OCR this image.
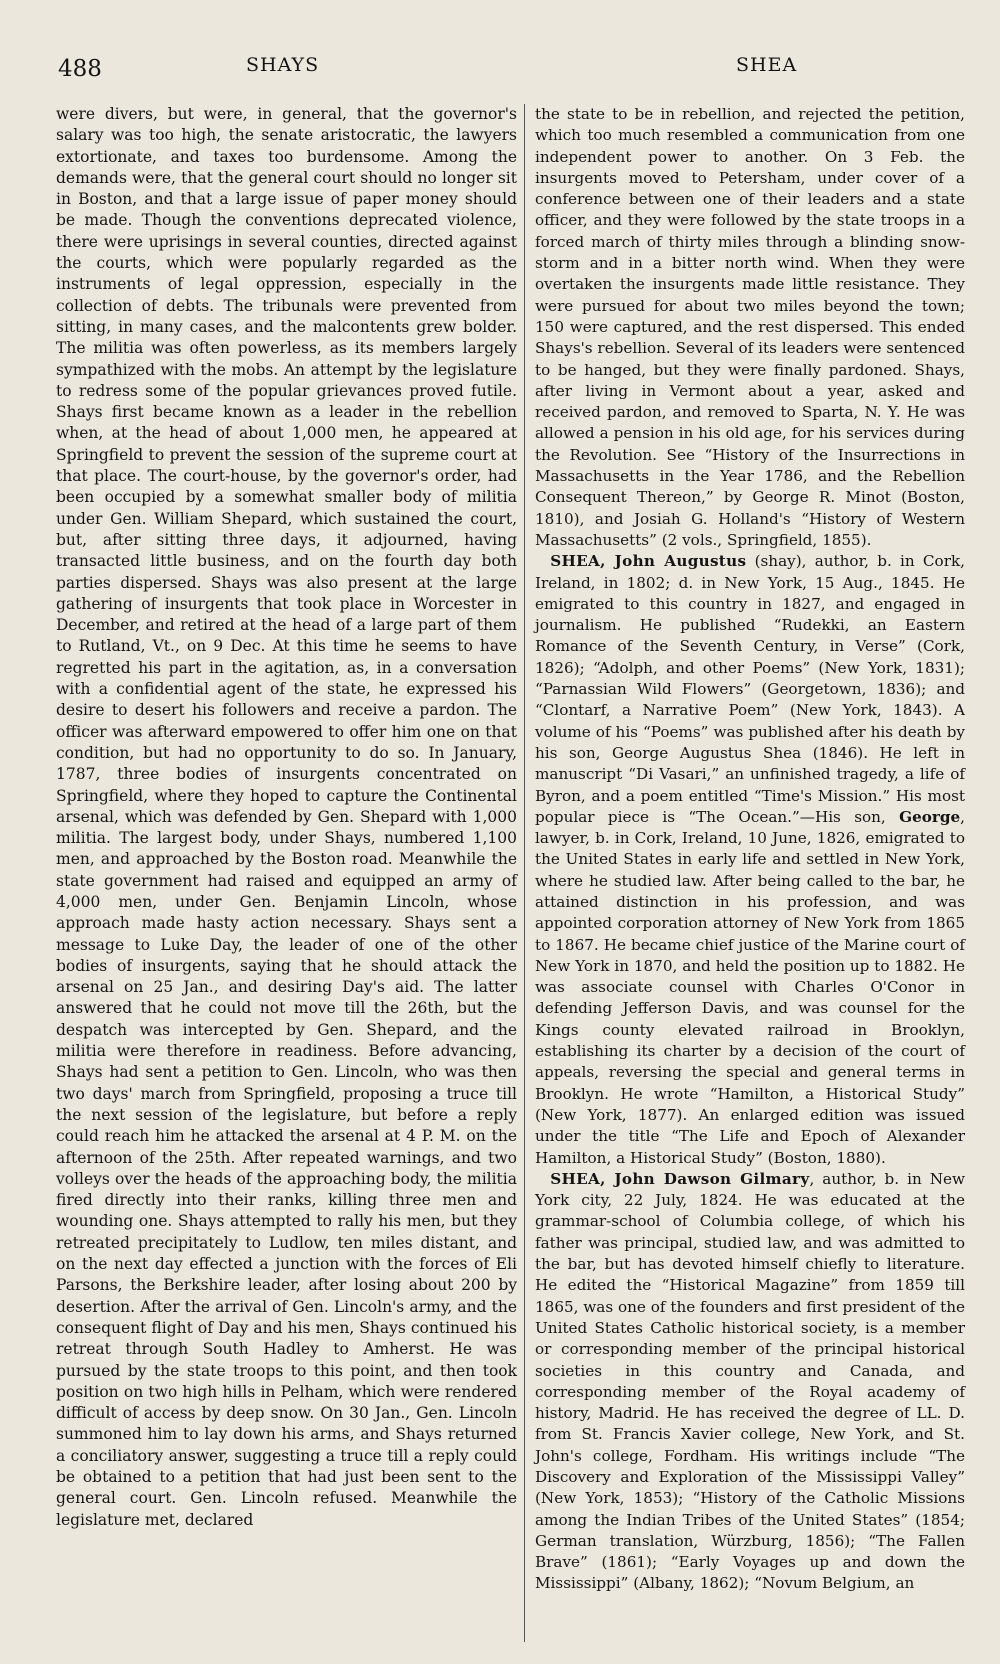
488	SHAYS	SHEA

were divers, but were, in general, that the governor's salary was too high, the senate aristocratic, the lawyers extortionate, and taxes too burdensome. Among the demands were, that the general court should no longer sit in Boston, and that a large issue of paper money should be made. Though the conventions deprecated violence, there were uprisings in several counties, directed against the courts, which were popularly regarded as the instruments of legal oppression, especially in the collection of debts. The tribunals were prevented from sitting, in many cases, and the malcontents grew bolder. The militia was often powerless, as its members largely sympathized with the mobs. An attempt by the legislature to redress some of the popular grievances proved futile. Shays first became known as a leader in the rebellion when, at the head of about 1,000 men, he appeared at Springfield to prevent the session of the supreme court at that place. The court-house, by the governor's order, had been occupied by a somewhat smaller body of militia under Gen. William Shepard, which sustained the court, but, after sitting three days, it adjourned, having transacted little business, and on the fourth day both parties dispersed. Shays was also present at the large gathering of insurgents that took place in Worcester in December, and retired at the head of a large part of them to Rutland, Vt., on 9 Dec. At this time he seems to have regretted his part in the agitation, as, in a conversation with a confidential agent of the state, he expressed his desire to desert his followers and receive a pardon. The officer was afterward empowered to offer him one on that condition, but had no opportunity to do so. In January, 1787, three bodies of insurgents concentrated on Springfield, where they hoped to capture the Continental arsenal, which was defended by Gen. Shepard with 1,000 militia. The largest body, under Shays, numbered 1,100 men, and approached by the Boston road. Meanwhile the state government had raised and equipped an army of 4,000 men, under Gen. Benjamin Lincoln, whose approach made hasty action necessary. Shays sent a message to Luke Day, the leader of one of the other bodies of insurgents, saying that he should attack the arsenal on 25 Jan., and desiring Day's aid. The latter answered that he could not move till the 26th, but the despatch was intercepted by Gen. Shepard, and the militia were therefore in readiness. Before advancing, Shays had sent a petition to Gen. Lincoln, who was then two days' march from Springfield, proposing a truce till the next session of the legislature, but before a reply could reach him he attacked the arsenal at 4 P. M. on the afternoon of the 25th. After repeated warnings, and two volleys over the heads of the approaching body, the militia fired directly into their ranks, killing three men and wounding one. Shays attempted to rally his men, but they retreated precipitately to Ludlow, ten miles distant, and on the next day effected a junction with the forces of Eli Parsons, the Berkshire leader, after losing about 200 by desertion. After the arrival of Gen. Lincoln's army, and the consequent flight of Day and his men, Shays continued his retreat through South Hadley to Amherst. He was pursued by the state troops to this point, and then took position on two high hills in Pelham, which were rendered difficult of access by deep snow. On 30 Jan., Gen. Lincoln summoned him to lay down his arms, and Shays returned a conciliatory answer, suggesting a truce till a reply could be obtained to a petition that had just been sent to the general court. Gen. Lincoln refused. Meanwhile the legislature met, declared

the state to be in rebellion, and rejected the petition, which too much resembled a communication from one independent power to another. On 3 Feb. the insurgents moved to Petersham, under cover of a conference between one of their leaders and a state officer, and they were followed by the state troops in a forced march of thirty miles through a blinding snow-storm and in a bitter north wind. When they were overtaken the insurgents made little resistance. They were pursued for about two miles beyond the town; 150 were captured, and the rest dispersed. This ended Shays's rebellion. Several of its leaders were sentenced to be hanged, but they were finally pardoned. Shays, after living in Vermont about a year, asked and received pardon, and removed to Sparta, N. Y. He was allowed a pension in his old age, for his services during the Revolution. See “History of the Insurrections in Massachusetts in the Year 1786, and the Rebellion Consequent Thereon,” by George R. Minot (Boston, 1810), and Josiah G. Holland's “History of Western Massachusetts” (2 vols., Springfield, 1855).

SHEA, John Augustus (shay), author, b. in Cork, Ireland, in 1802; d. in New York, 15 Aug., 1845. He emigrated to this country in 1827, and engaged in journalism. He published “Rudekki, an Eastern Romance of the Seventh Century, in Verse” (Cork, 1826); “Adolph, and other Poems” (New York, 1831); “Parnassian Wild Flowers” (Georgetown, 1836); and “Clontarf, a Narrative Poem” (New York, 1843). A volume of his “Poems” was published after his death by his son, George Augustus Shea (1846). He left in manuscript “Di Vasari,” an unfinished tragedy, a life of Byron, and a poem entitled “Time's Mission.” His most popular piece is “The Ocean.”—His son, George, lawyer, b. in Cork, Ireland, 10 June, 1826, emigrated to the United States in early life and settled in New York, where he studied law. After being called to the bar, he attained distinction in his profession, and was appointed corporation attorney of New York from 1865 to 1867. He became chief justice of the Marine court of New York in 1870, and held the position up to 1882. He was associate counsel with Charles O'Conor in defending Jefferson Davis, and was counsel for the Kings county elevated railroad in Brooklyn, establishing its charter by a decision of the court of appeals, reversing the special and general terms in Brooklyn. He wrote “Hamilton, a Historical Study” (New York, 1877). An enlarged edition was issued under the title “The Life and Epoch of Alexander Hamilton, a Historical Study” (Boston, 1880).

SHEA, John Dawson Gilmary, author, b. in New York city, 22 July, 1824. He was educated at the grammar-school of Columbia college, of which his father was principal, studied law, and was admitted to the bar, but has devoted himself chiefly to literature. He edited the “Historical Magazine” from 1859 till 1865, was one of the founders and first president of the United States Catholic historical society, is a member or corresponding member of the principal historical societies in this country and Canada, and corresponding member of the Royal academy of history, Madrid. He has received the degree of LL. D. from St. Francis Xavier college, New York, and St. John's college, Fordham. His writings include “The Discovery and Exploration of the Mississippi Valley” (New York, 1853); “History of the Catholic Missions among the Indian Tribes of the United States” (1854; German translation, Würzburg, 1856); “The Fallen Brave” (1861); “Early Voyages up and down the Mississippi” (Albany, 1862); “Novum Belgium, an
